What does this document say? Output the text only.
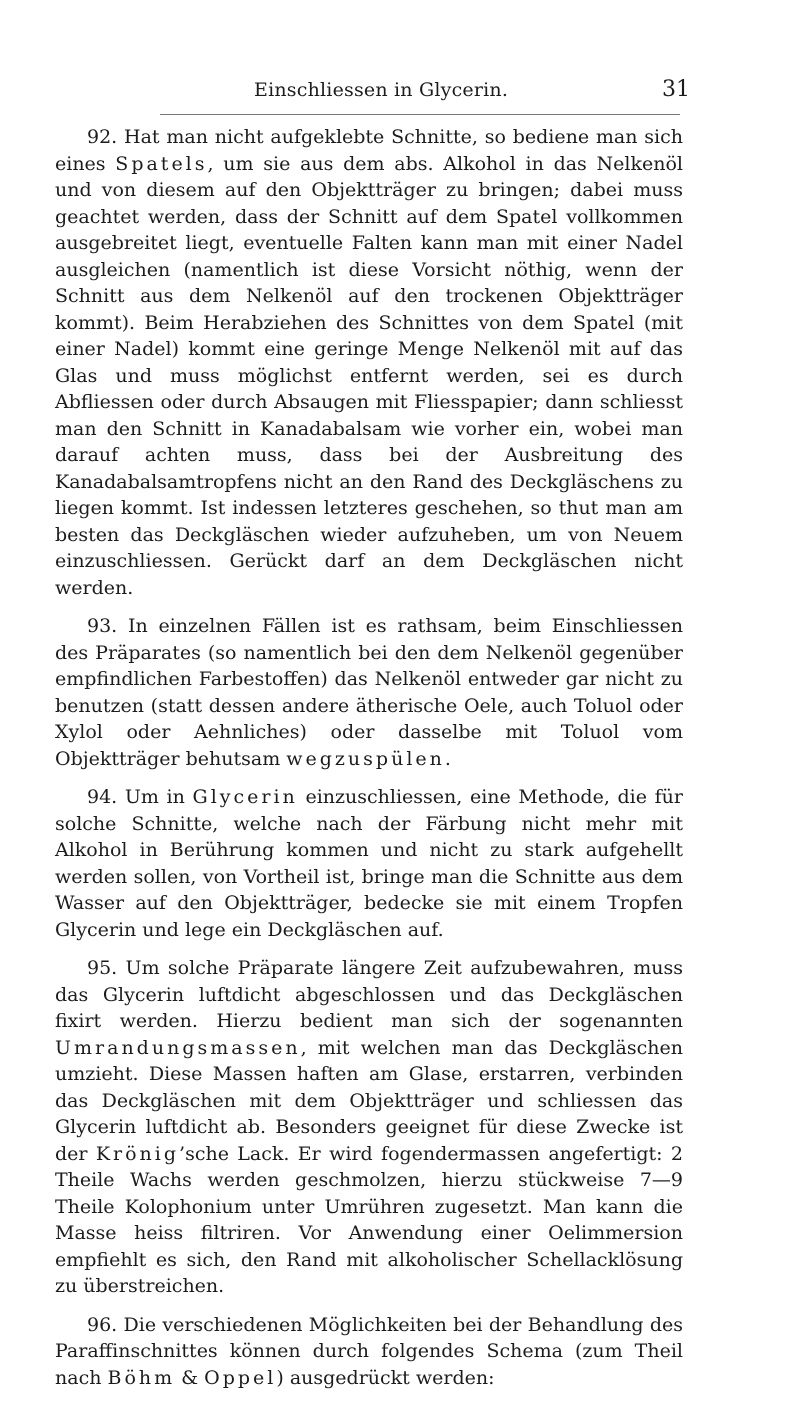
Einschliessen in Glycerin.	31

92. Hat man nicht aufgeklebte Schnitte, so bediene man sich eines Spatels, um sie aus dem abs. Alkohol in das Nelkenöl und von diesem auf den Objektträger zu bringen; dabei muss geachtet werden, dass der Schnitt auf dem Spatel vollkommen ausgebreitet liegt, eventuelle Falten kann man mit einer Nadel ausgleichen (namentlich ist diese Vorsicht nöthig, wenn der Schnitt aus dem Nelkenöl auf den trockenen Objektträger kommt). Beim Herabziehen des Schnittes von dem Spatel (mit einer Nadel) kommt eine geringe Menge Nelkenöl mit auf das Glas und muss möglichst entfernt werden, sei es durch Abfliessen oder durch Absaugen mit Fliesspapier; dann schliesst man den Schnitt in Kanadabalsam wie vorher ein, wobei man darauf achten muss, dass bei der Ausbreitung des Kanadabalsamtropfens nicht an den Rand des Deckgläschens zu liegen kommt. Ist indessen letzteres geschehen, so thut man am besten das Deckgläschen wieder aufzuheben, um von Neuem einzuschliessen. Gerückt darf an dem Deckgläschen nicht werden.

93. In einzelnen Fällen ist es rathsam, beim Einschliessen des Präparates (so namentlich bei den dem Nelkenöl gegenüber empfindlichen Farbestoffen) das Nelkenöl entweder gar nicht zu benutzen (statt dessen andere ätherische Oele, auch Toluol oder Xylol oder Aehnliches) oder dasselbe mit Toluol vom Objektträger behutsam wegzuspülen.

94. Um in Glycerin einzuschliessen, eine Methode, die für solche Schnitte, welche nach der Färbung nicht mehr mit Alkohol in Berührung kommen und nicht zu stark aufgehellt werden sollen, von Vortheil ist, bringe man die Schnitte aus dem Wasser auf den Objektträger, bedecke sie mit einem Tropfen Glycerin und lege ein Deckgläschen auf.

95. Um solche Präparate längere Zeit aufzubewahren, muss das Glycerin luftdicht abgeschlossen und das Deckgläschen fixirt werden. Hierzu bedient man sich der sogenannten Umrandungsmassen, mit welchen man das Deckgläschen umzieht. Diese Massen haften am Glase, erstarren, verbinden das Deckgläschen mit dem Objektträger und schliessen das Glycerin luftdicht ab. Besonders geeignet für diese Zwecke ist der Krönig’sche Lack. Er wird fogendermassen angefertigt: 2 Theile Wachs werden geschmolzen, hierzu stückweise 7—9 Theile Kolophonium unter Umrühren zugesetzt. Man kann die Masse heiss filtriren. Vor Anwendung einer Oelimmersion empfiehlt es sich, den Rand mit alkoholischer Schellacklösung zu überstreichen.

96. Die verschiedenen Möglichkeiten bei der Behandlung des Paraffinschnittes können durch folgendes Schema (zum Theil nach Böhm & Oppel) ausgedrückt werden:
